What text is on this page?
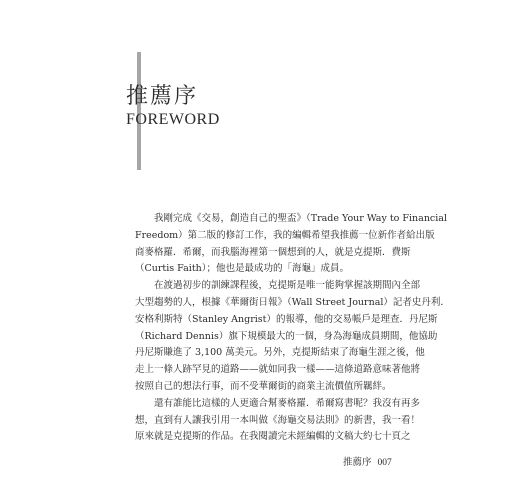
推薦序
FOREWORD
我剛完成《交易，創造自己的聖盃》（Trade Your Way to Financial
Freedom）第二版的修訂工作，我的編輯希望我推薦一位新作者給出版
商麥格羅．希爾，而我腦海裡第一個想到的人，就是克提斯．費斯
（Curtis Faith）；他也是最成功的「海龜」成員。
在渡過初步的訓練課程後，克提斯是唯一能夠掌握該期間內全部
大型趨勢的人，根據《華爾街日報》（Wall Street Journal）記者史丹利．
安格利斯特（Stanley Angrist）的報導，他的交易帳戶是理查．丹尼斯
（Richard Dennis）旗下規模最大的一個，身為海龜成員期間，他協助
丹尼斯賺進了 3,100 萬美元。另外，克提斯結束了海龜生涯之後，他
走上一條人跡罕見的道路——就如同我一樣——這條道路意味著他將
按照自己的想法行事，而不受華爾街的商業主流價值所羈絆。
還有誰能比這樣的人更適合幫麥格羅．希爾寫書呢？我沒有再多
想，直到有人讓我引用一本叫做《海龜交易法則》的新書，我一看！
原來就是克提斯的作品。在我閱讀完未經編輯的文稿大約七十頁之
推薦序 007
